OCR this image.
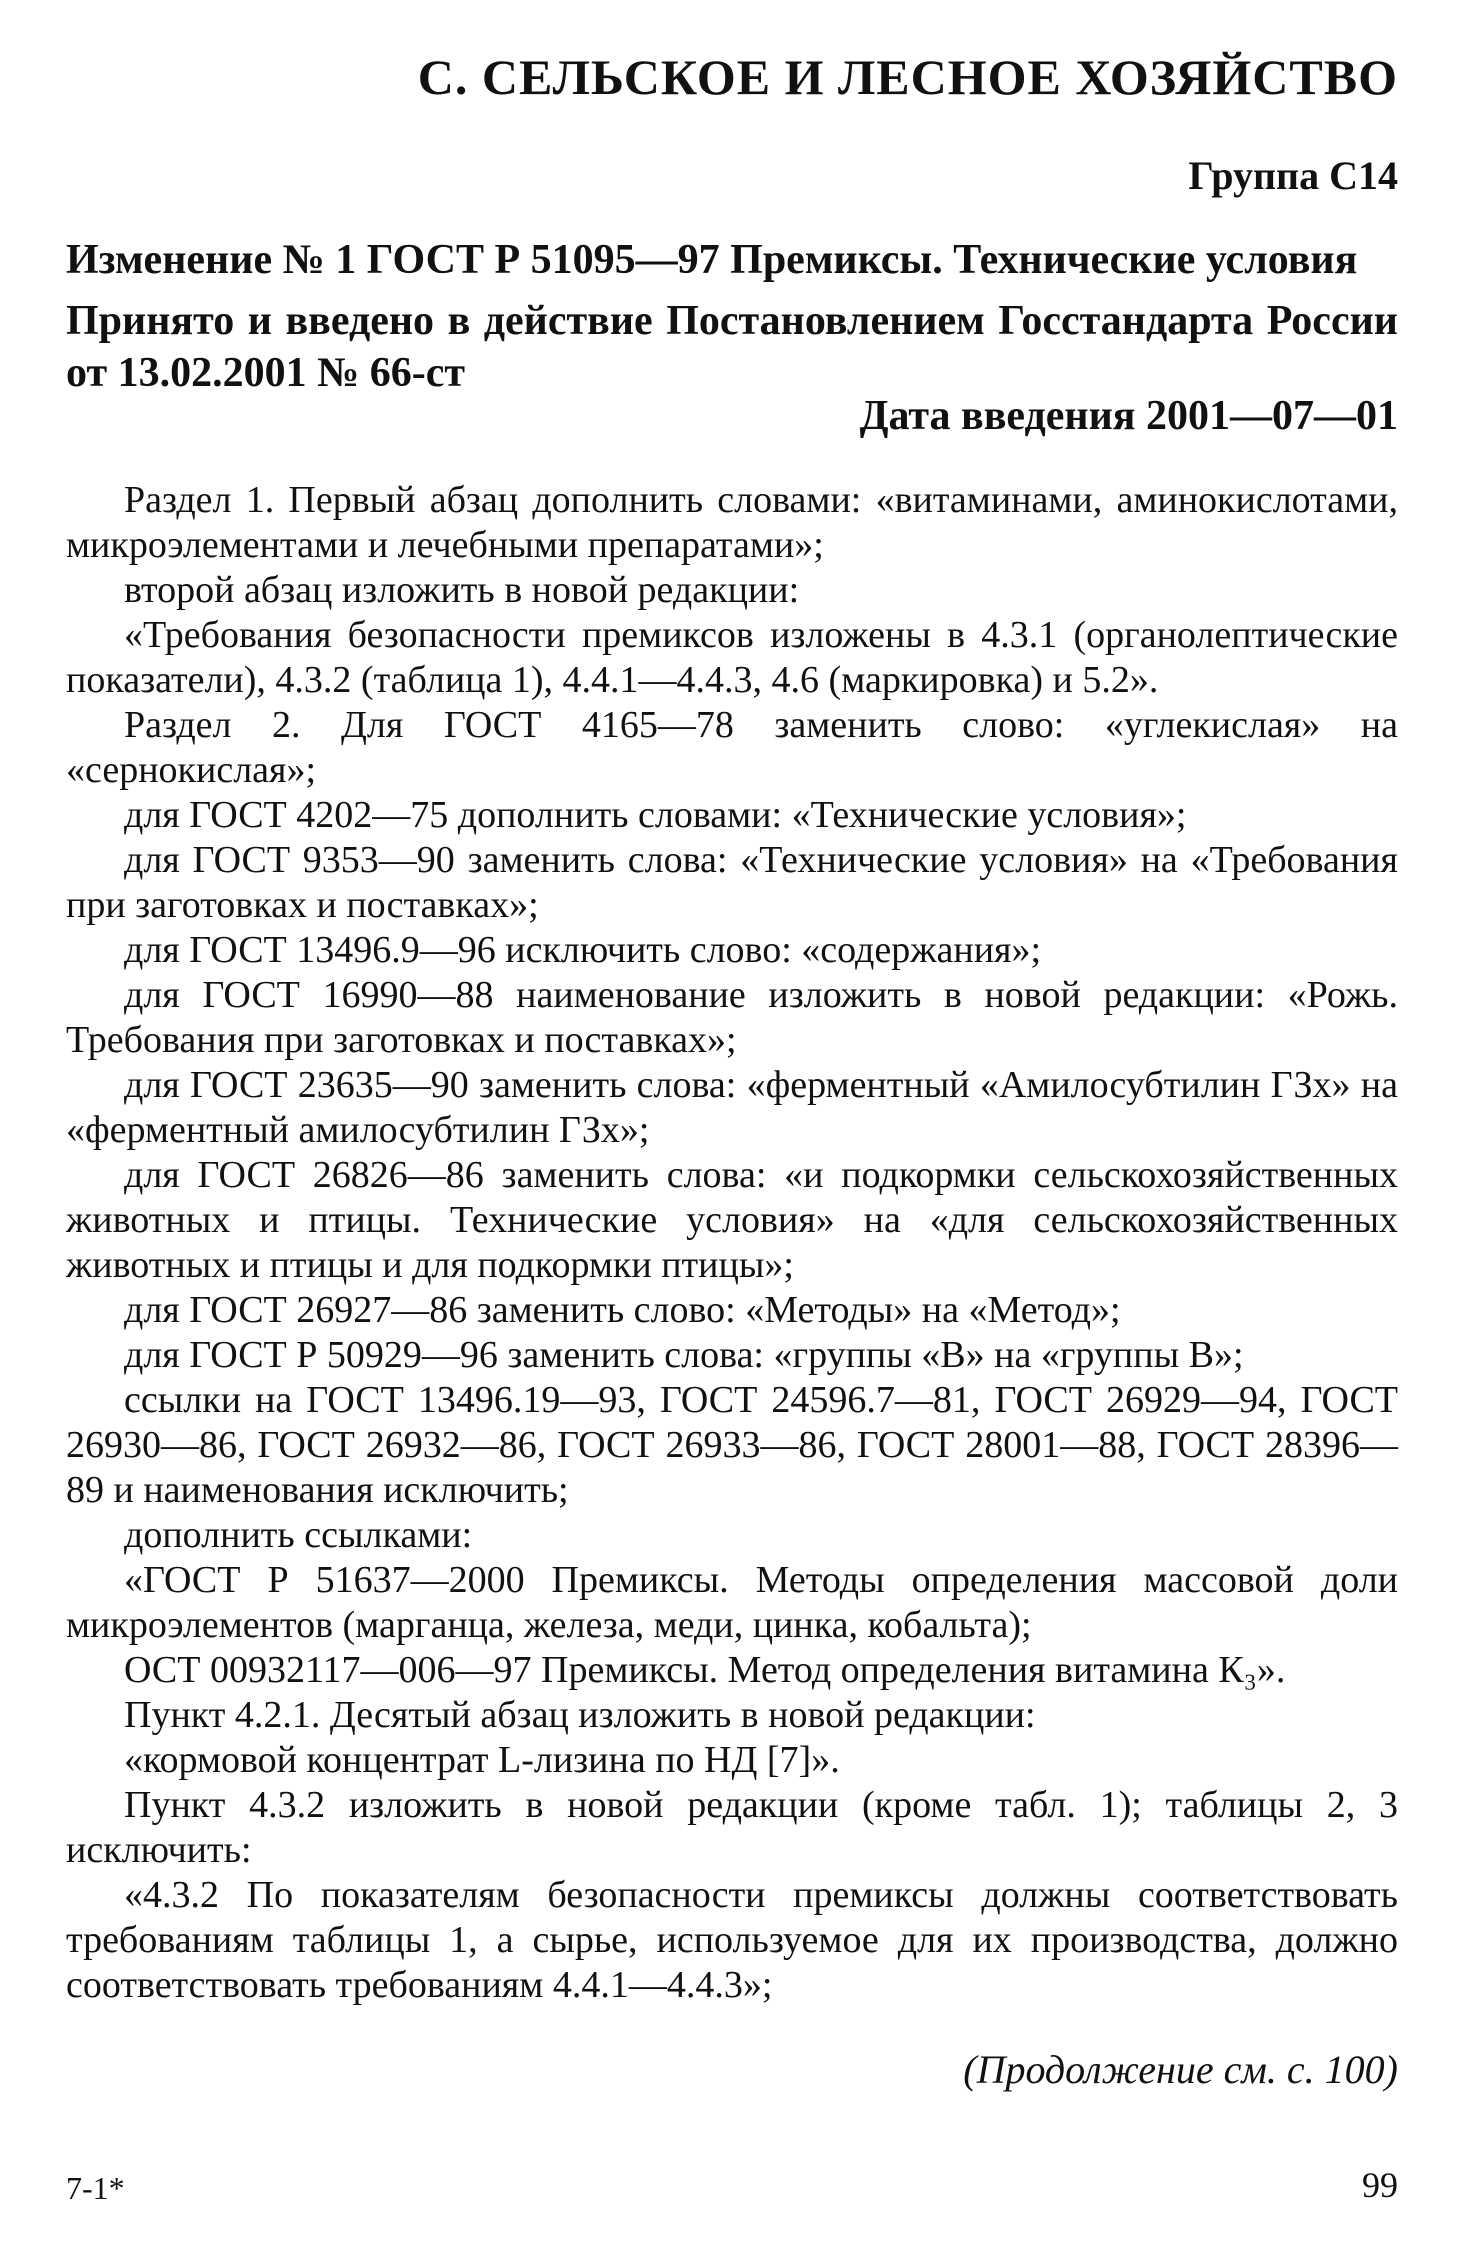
С. СЕЛЬСКОЕ И ЛЕСНОЕ ХОЗЯЙСТВО
Группа С14
Изменение № 1 ГОСТ Р 51095—97 Премиксы. Технические условия
Принято и введено в действие Постановлением Госстандарта России от 13.02.2001 № 66-ст
Дата введения 2001—07—01

Раздел 1. Первый абзац дополнить словами: «витаминами, аминокислотами, микроэлементами и лечебными препаратами»;

второй абзац изложить в новой редакции:

«Требования безопасности премиксов изложены в 4.3.1 (органолептические показатели), 4.3.2 (таблица 1), 4.4.1—4.4.3, 4.6 (маркировка) и 5.2».

Раздел 2. Для ГОСТ 4165—78 заменить слово: «углекислая» на «сернокислая»;

для ГОСТ 4202—75 дополнить словами: «Технические условия»;

для ГОСТ 9353—90 заменить слова: «Технические условия» на «Требования при заготовках и поставках»;

для ГОСТ 13496.9—96 исключить слово: «содержания»;

для ГОСТ 16990—88 наименование изложить в новой редакции: «Рожь. Требования при заготовках и поставках»;

для ГОСТ 23635—90 заменить слова: «ферментный «Амилосубтилин ГЗх» на «ферментный амилосубтилин ГЗх»;

для ГОСТ 26826—86 заменить слова: «и подкормки сельскохозяйственных животных и птицы. Технические условия» на «для сельскохозяйственных животных и птицы и для подкормки птицы»;

для ГОСТ 26927—86 заменить слово: «Методы» на «Метод»;

для ГОСТ Р 50929—96 заменить слова: «группы «В» на «группы В»;

ссылки на ГОСТ 13496.19—93, ГОСТ 24596.7—81, ГОСТ 26929—94, ГОСТ 26930—86, ГОСТ 26932—86, ГОСТ 26933—86, ГОСТ 28001—88, ГОСТ 28396—89 и наименования исключить;

дополнить ссылками:

«ГОСТ Р 51637—2000 Премиксы. Методы определения массовой доли микроэлементов (марганца, железа, меди, цинка, кобальта);

ОСТ 00932117—006—97 Премиксы. Метод определения витамина К₃».

Пункт 4.2.1. Десятый абзац изложить в новой редакции:

«кормовой концентрат L-лизина по НД [7]».

Пункт 4.3.2 изложить в новой редакции (кроме табл. 1); таблицы 2, 3 исключить:

«4.3.2 По показателям безопасности премиксы должны соответствовать требованиям таблицы 1, а сырье, используемое для их производства, должно соответствовать требованиям 4.4.1—4.4.3»;

(Продолжение см. с. 100)
7-1*	99
